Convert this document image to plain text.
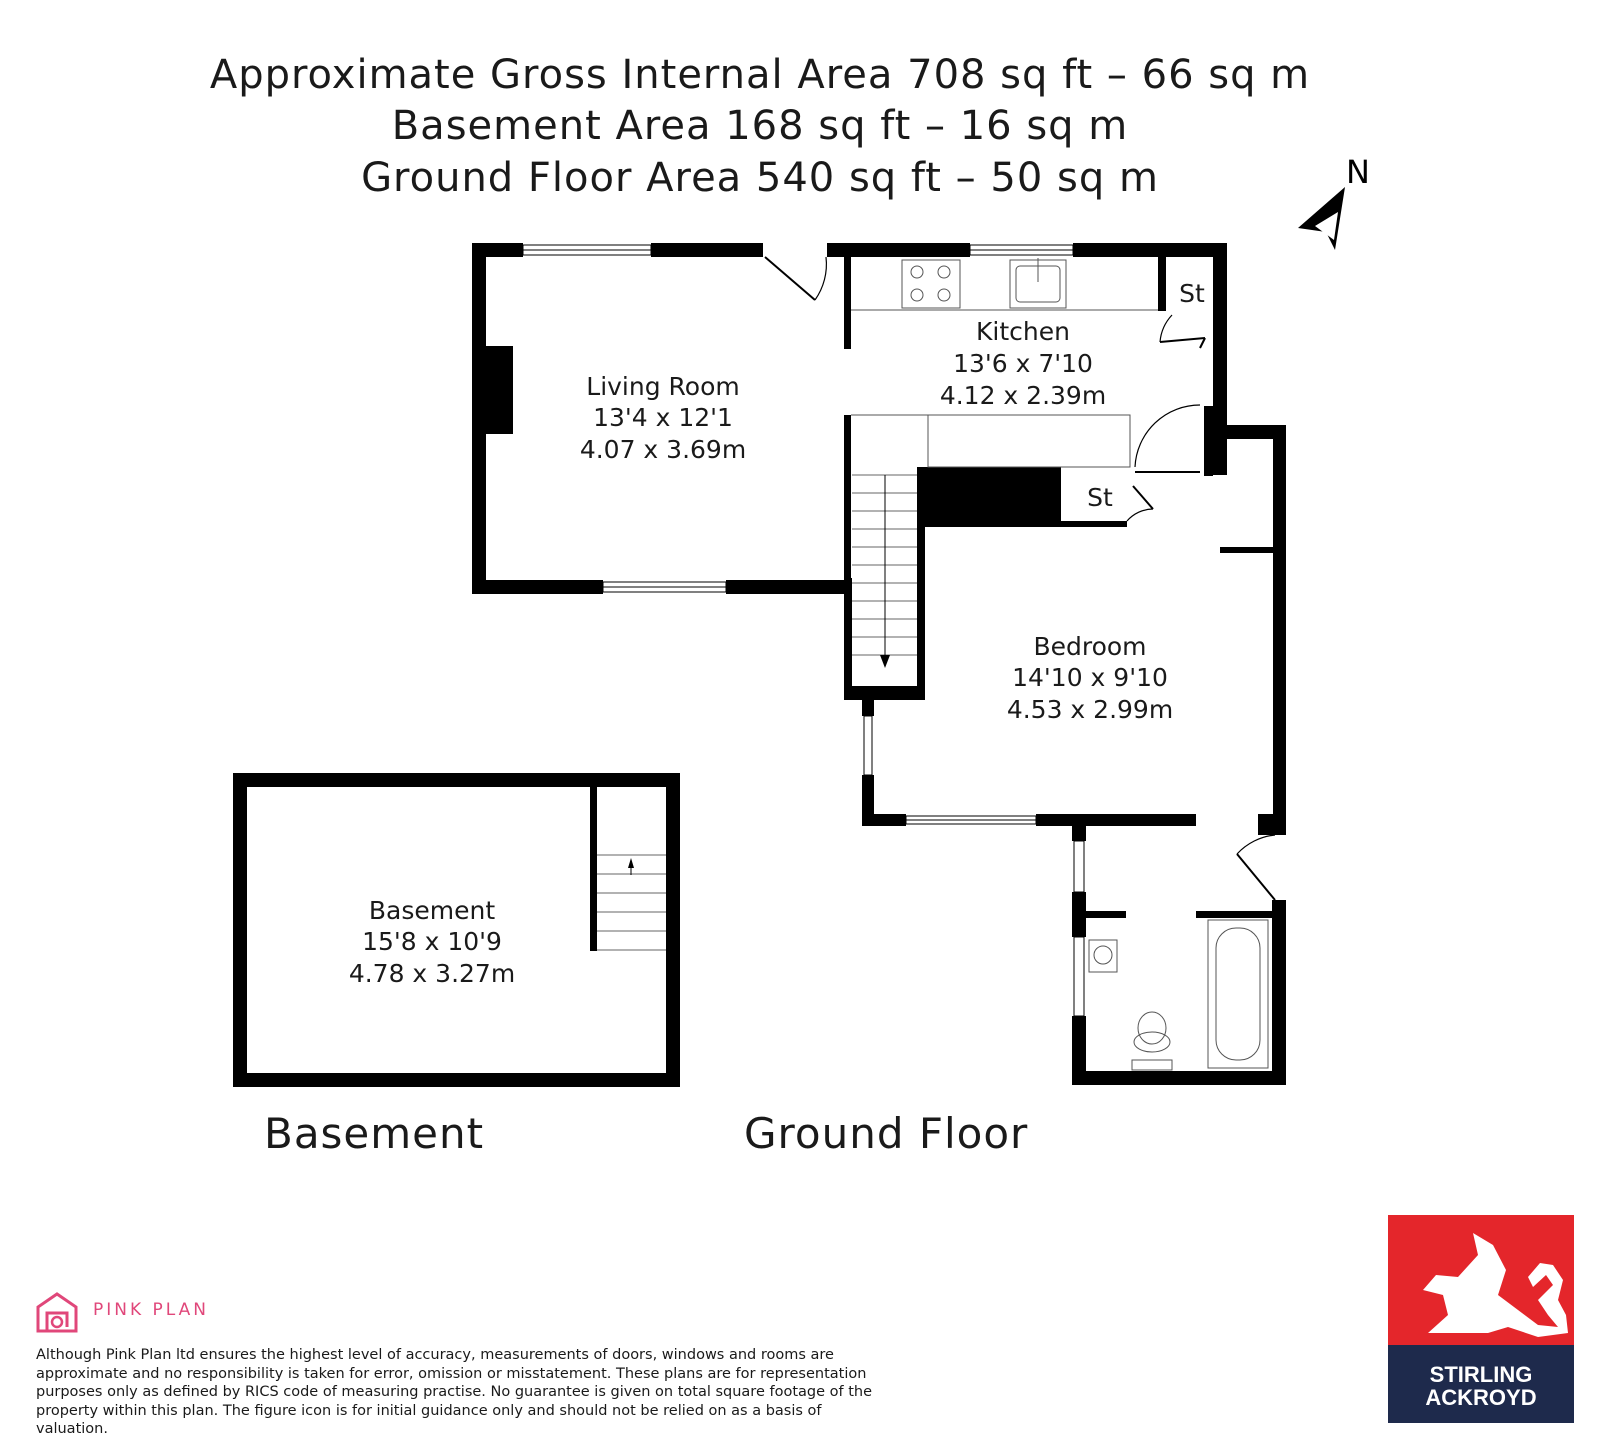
Approximate Gross Internal Area 708 sq ft – 66 sq m
Basement Area 168 sq ft – 16 sq m
Ground Floor Area 540 sq ft – 50 sq m	N
Living Room
13'4 x 12'1
4.07 x 3.69m
Kitchen
13'6 x 7'10
4.12 x 2.39m
Bedroom
14'10 x 9'10
4.53 x 2.99m
Basement
15'8 x 10'9
4.78 x 3.27m
St
St
Basement	Ground Floor
PINK PLAN
Although Pink Plan ltd ensures the highest level of accuracy, measurements of doors, windows and rooms are approximate and no responsibility is taken for error, omission or misstatement. These plans are for representation purposes only as defined by RICS code of measuring practise. No guarantee is given on total square footage of the property within this plan. The figure icon is for initial guidance only and should not be relied on as a basis of valuation.
STIRLING
ACKROYD
